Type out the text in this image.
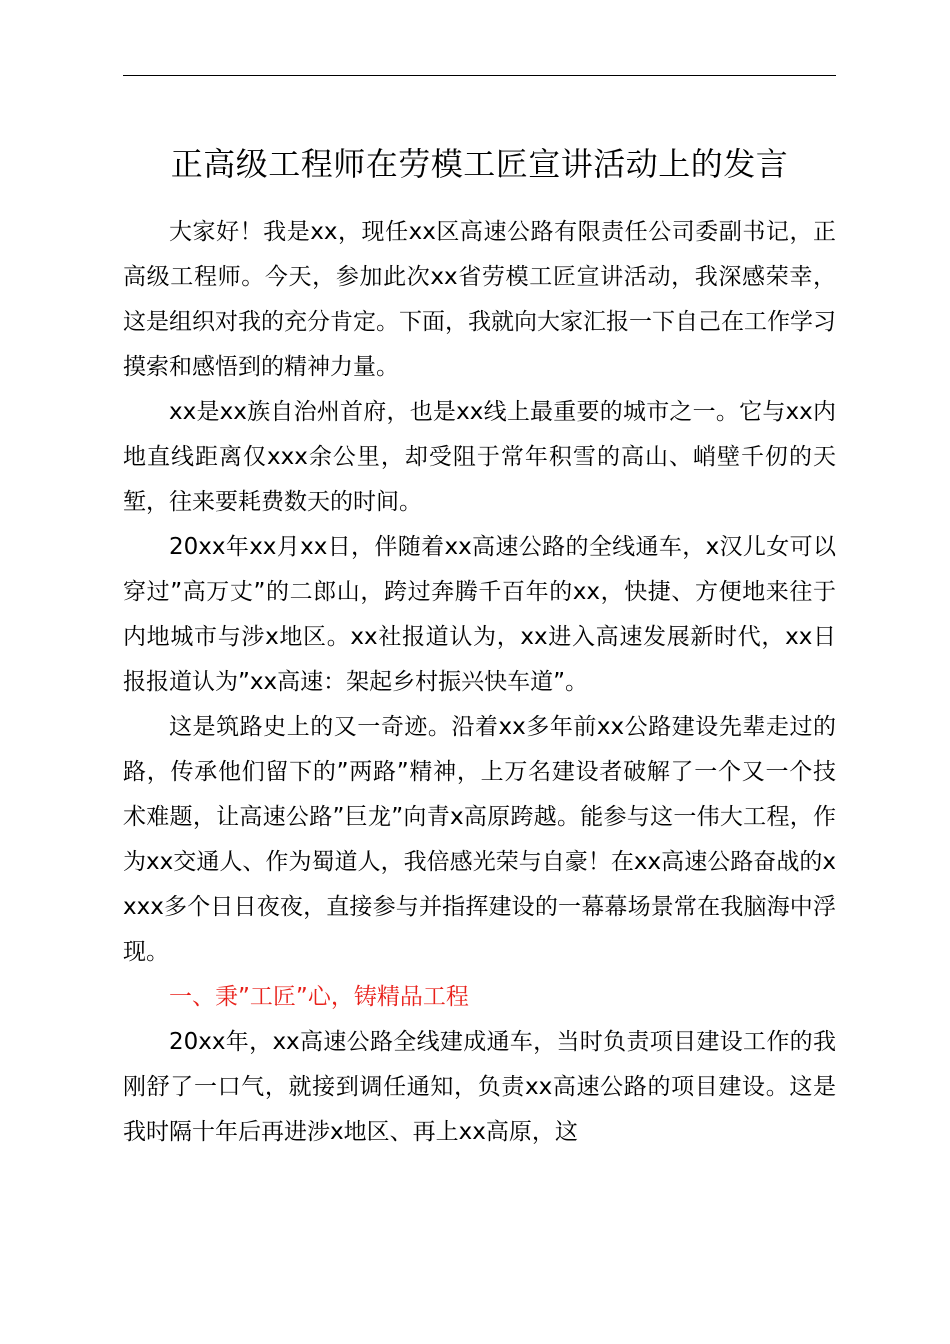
正高级工程师在劳模工匠宣讲活动上的发言

大家好！我是xx，现任xx区高速公路有限责任公司委副书记，正高级工程师。今天，参加此次xx省劳模工匠宣讲活动，我深感荣幸，这是组织对我的充分肯定。下面，我就向大家汇报一下自己在工作学习摸索和感悟到的精神力量。

xx是xx族自治州首府，也是xx线上最重要的城市之一。它与xx内地直线距离仅xxx余公里，却受阻于常年积雪的高山、峭壁千仞的天堑，往来要耗费数天的时间。

20xx年xx月xx日，伴随着xx高速公路的全线通车，x汉儿女可以穿过”高万丈”的二郎山，跨过奔腾千百年的xx，快捷、方便地来往于内地城市与涉x地区。xx社报道认为，xx进入高速发展新时代，xx日报报道认为”xx高速：架起乡村振兴快车道”。

这是筑路史上的又一奇迹。沿着xx多年前xx公路建设先辈走过的路，传承他们留下的”两路”精神，上万名建设者破解了一个又一个技术难题，让高速公路”巨龙”向青x高原跨越。能参与这一伟大工程，作为xx交通人、作为蜀道人，我倍感光荣与自豪！在xx高速公路奋战的xxxx多个日日夜夜，直接参与并指挥建设的一幕幕场景常在我脑海中浮现。

一、秉”工匠”心，铸精品工程

20xx年，xx高速公路全线建成通车，当时负责项目建设工作的我刚舒了一口气，就接到调任通知，负责xx高速公路的项目建设。这是我时隔十年后再进涉x地区、再上xx高原，这
